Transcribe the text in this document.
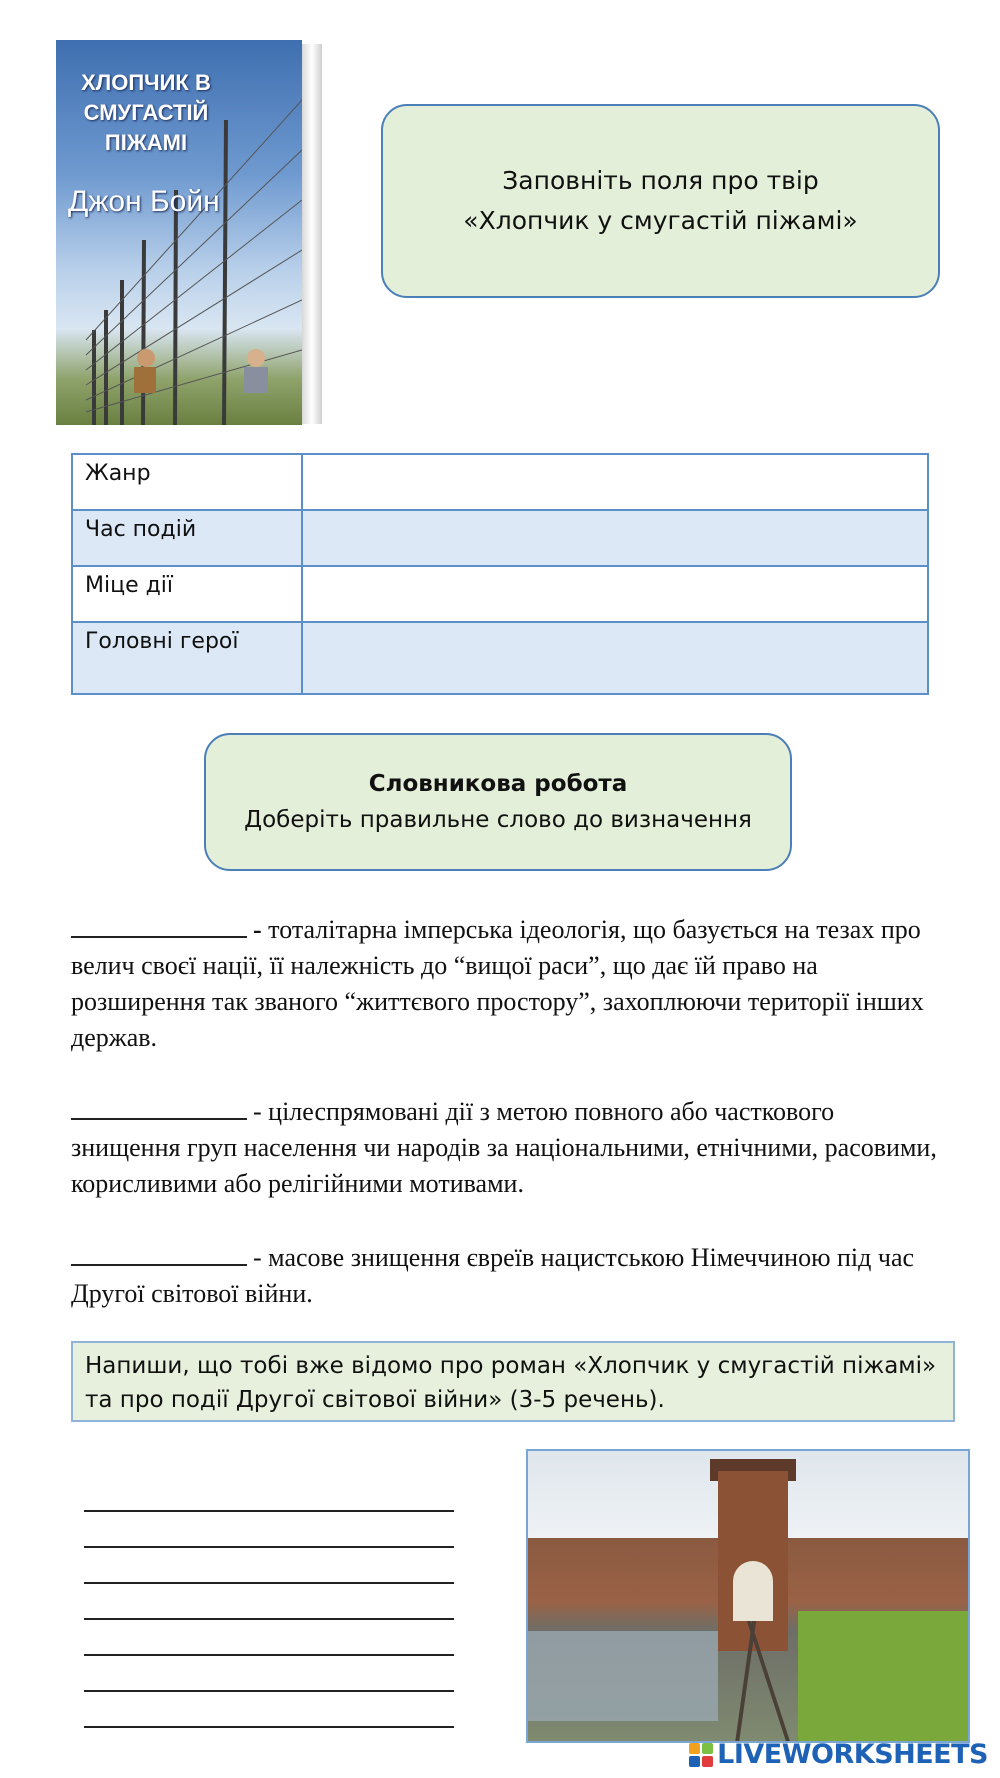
ХЛОПЧИК В
СМУГАСТІЙ
ПІЖАМІ
Джон Бойн
Заповніть поля про твір
«Хлопчик у смугастій піжамі»
Жанр	
Час подій	
Міце дії	
Головні герої	
Словникова робота
Доберіть правильне слово до визначення

- тоталітарна імперська ідеологія, що базується на тезах про велич своєї нації, її належність до “вищої раси”, що дає їй право на розширення так званого “життєвого простору”, захоплюючи території інших держав.

- цілеспрямовані дії з метою повного або часткового знищення груп населення чи народів за національними, етнічними, расовими, корисливими або релігійними мотивами.

- масове знищення євреїв нацистською Німеччиною під час Другої світової війни.

Напиши, що тобі вже відомо про роман «Хлопчик у смугастій піжамі» та про події Другої світової війни» (3-5 речень).
LIVEWORKSHEETS
